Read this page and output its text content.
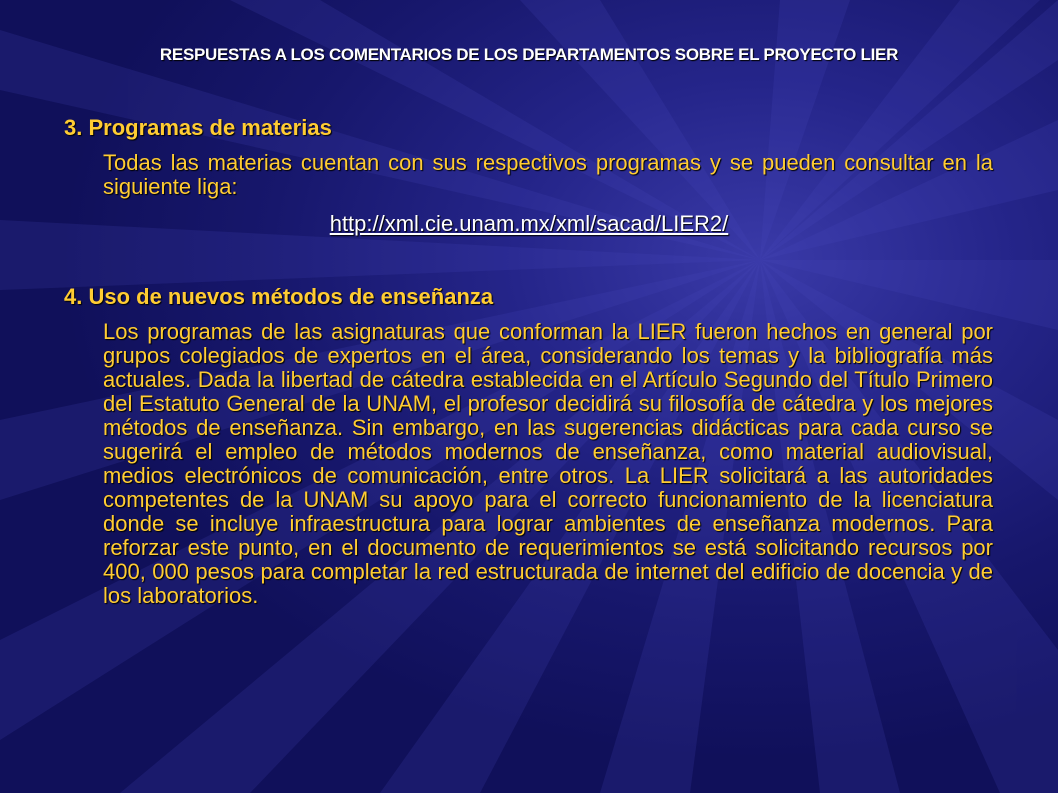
RESPUESTAS A LOS COMENTARIOS DE LOS DEPARTAMENTOS SOBRE EL PROYECTO LIER
3. Programas de materias
Todas las materias cuentan con sus respectivos programas y se pueden consultar en la siguiente liga:
http://xml.cie.unam.mx/xml/sacad/LIER2/
4. Uso de nuevos métodos de enseñanza
Los programas de las asignaturas que conforman la LIER fueron hechos en general por grupos colegiados de expertos en el área, considerando los temas y la bibliografía más actuales. Dada la libertad de cátedra establecida en el Artículo Segundo del Título Primero del Estatuto General de la UNAM, el profesor decidirá su filosofía de cátedra y los mejores métodos de enseñanza. Sin embargo, en las sugerencias didácticas para cada curso se sugerirá el empleo de métodos modernos de enseñanza, como material audiovisual, medios electrónicos de comunicación, entre otros. La LIER solicitará a las autoridades competentes de la UNAM su apoyo para el correcto funcionamiento de la licenciatura donde se incluye infraestructura para lograr ambientes de enseñanza modernos. Para reforzar este punto, en el documento de requerimientos se está solicitando recursos por 400, 000 pesos para completar la red estructurada de internet del edificio de docencia y de los laboratorios.
